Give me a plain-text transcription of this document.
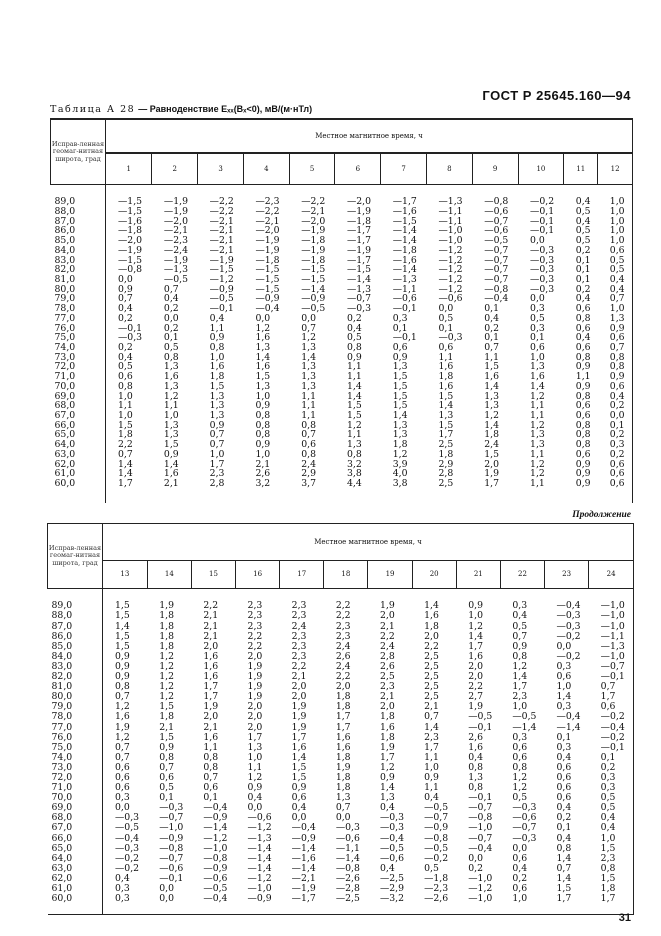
ГОСТ Р 25645.160—94
Таблица А 28 — Равноденствие Eₓₓ(Bₓ<0), мВ/(м·нТл)
Исправ-ленная геомаг-нитная широта, град	Местное магнитное время, ч											
	1	2	3	4	5	6	7	8	9	10	11	12
89,0	—1,5	—1,9	—2,2	—2,3	—2,2	—2,0	—1,7	—1,3	—0,8	—0,2	0,4	1,0
88,0	—1,5	—1,9	—2,2	—2,2	—2,1	—1,9	—1,6	—1,1	—0,6	—0,1	0,5	1,0
87,0	—1,6	—2,0	—2,1	—2,1	—2,0	—1,8	—1,5	—1,1	—0,7	—0,1	0,4	1,0
86,0	—1,8	—2,1	—2,1	—2,0	—1,9	—1,7	—1,4	—1,0	—0,6	—0,1	0,5	1,0
85,0	—2,0	—2,3	—2,1	—1,9	—1,8	—1,7	—1,4	—1,0	—0,5	0,0	0,5	1,0
84,0	—1,9	—2,4	—2,1	—1,9	—1,9	—1,9	—1,8	—1,2	—0,7	—0,3	0,2	0,6
83,0	—1,5	—1,9	—1,9	—1,8	—1,8	—1,7	—1,6	—1,2	—0,7	—0,3	0,1	0,5
82,0	—0,8	—1,3	—1,5	—1,5	—1,5	—1,5	—1,4	—1,2	—0,7	—0,3	0,1	0,5
81,0	0,0	—0,5	—1,2	—1,5	—1,5	—1,4	—1,3	—1,2	—0,7	—0,3	0,1	0,4
80,0	0,9	0,7	—0,9	—1,5	—1,4	—1,3	—1,1	—1,2	—0,8	—0,3	0,2	0,4
79,0	0,7	0,4	—0,5	—0,9	—0,9	—0,7	—0,6	—0,6	—0,4	0,0	0,4	0,7
78,0	0,4	0,2	—0,1	—0,4	—0,5	—0,3	—0,1	0,0	0,1	0,3	0,6	1,0
77,0	0,2	0,0	0,4	0,0	0,0	0,2	0,3	0,5	0,4	0,5	0,8	1,3
76,0	—0,1	0,2	1,1	1,2	0,7	0,4	0,1	0,1	0,2	0,3	0,6	0,9
75,0	—0,3	0,1	0,9	1,6	1,2	0,5	—0,1	—0,3	0,1	0,1	0,4	0,6
74,0	0,2	0,5	0,8	1,3	1,3	0,8	0,6	0,6	0,7	0,6	0,6	0,7
73,0	0,4	0,8	1,0	1,4	1,4	0,9	0,9	1,1	1,1	1,0	0,8	0,8
72,0	0,5	1,3	1,6	1,6	1,3	1,1	1,3	1,6	1,5	1,3	0,9	0,8
71,0	0,6	1,6	1,8	1,5	1,3	1,1	1,5	1,8	1,6	1,6	1,1	0,9
70,0	0,8	1,3	1,5	1,3	1,3	1,4	1,5	1,6	1,4	1,4	0,9	0,6
69,0	1,0	1,2	1,3	1,0	1,1	1,4	1,5	1,5	1,3	1,2	0,8	0,4
68,0	1,1	1,1	1,3	0,9	1,1	1,5	1,5	1,4	1,3	1,1	0,6	0,2
67,0	1,0	1,0	1,3	0,8	1,1	1,5	1,4	1,3	1,2	1,1	0,6	0,0
66,0	1,5	1,3	0,9	0,8	0,8	1,2	1,3	1,5	1,4	1,2	0,8	0,1
65,0	1,8	1,3	0,7	0,8	0,7	1,1	1,3	1,7	1,8	1,3	0,8	0,2
64,0	2,2	1,5	0,7	0,9	0,6	1,3	1,8	2,5	2,4	1,3	0,8	0,3
63,0	0,7	0,9	1,0	1,0	0,8	0,8	1,2	1,8	1,5	1,1	0,6	0,2
62,0	1,4	1,4	1,7	2,1	2,4	3,2	3,9	2,9	2,0	1,2	0,9	0,6
61,0	1,4	1,6	2,3	2,6	2,9	3,8	4,0	2,8	1,9	1,2	0,9	0,6
60,0	1,7	2,1	2,8	3,2	3,7	4,4	3,8	2,5	1,7	1,1	0,9	0,6

Продолжение
Исправ-ленная геомаг-нитная широта, град	Местное магнитное время, ч											
	13	14	15	16	17	18	19	20	21	22	23	24
89,0	1,5	1,9	2,2	2,3	2,3	2,2	1,9	1,4	0,9	0,3	—0,4	—1,0
88,0	1,5	1,8	2,1	2,3	2,3	2,2	2,0	1,6	1,0	0,4	—0,3	—1,0
87,0	1,4	1,8	2,1	2,3	2,4	2,3	2,1	1,8	1,2	0,5	—0,3	—1,0
86,0	1,5	1,8	2,1	2,2	2,3	2,3	2,2	2,0	1,4	0,7	—0,2	—1,1
85,0	1,5	1,8	2,0	2,2	2,3	2,4	2,4	2,2	1,7	0,9	0,0	—1,3
84,0	0,9	1,2	1,6	2,0	2,3	2,6	2,8	2,5	1,6	0,8	—0,2	—1,0
83,0	0,9	1,2	1,6	1,9	2,2	2,4	2,6	2,5	2,0	1,2	0,3	—0,7
82,0	0,9	1,2	1,6	1,9	2,1	2,2	2,5	2,5	2,0	1,4	0,6	—0,1
81,0	0,8	1,2	1,7	1,9	2,0	2,0	2,3	2,5	2,2	1,7	1,0	0,7
80,0	0,7	1,2	1,7	1,9	2,0	1,8	2,1	2,5	2,7	2,3	1,4	1,7
79,0	1,2	1,5	1,9	2,0	1,9	1,8	2,0	2,1	1,9	1,0	0,3	0,6
78,0	1,6	1,8	2,0	2,0	1,9	1,7	1,8	0,7	—0,5	—0,5	—0,4	—0,2
77,0	1,9	2,1	2,1	2,0	1,9	1,7	1,6	1,4	—0,1	—1,4	—1,4	—0,4
76,0	1,2	1,5	1,6	1,7	1,7	1,6	1,8	2,3	2,6	0,3	0,1	—0,2
75,0	0,7	0,9	1,1	1,3	1,6	1,6	1,9	1,7	1,6	0,6	0,3	—0,1
74,0	0,7	0,8	0,8	1,0	1,4	1,8	1,7	1,1	0,4	0,6	0,4	0,1
73,0	0,6	0,7	0,8	1,1	1,5	1,9	1,2	1,0	0,8	0,8	0,6	0,2
72,0	0,6	0,6	0,7	1,2	1,5	1,8	0,9	0,9	1,3	1,2	0,6	0,3
71,0	0,6	0,5	0,6	0,9	0,9	1,8	1,4	1,1	0,8	1,2	0,6	0,3
70,0	0,3	0,1	0,1	0,4	0,6	1,3	1,3	0,4	—0,1	0,5	0,6	0,5
69,0	0,0	—0,3	—0,4	0,0	0,4	0,7	0,4	—0,5	—0,7	—0,3	0,4	0,5
68,0	—0,3	—0,7	—0,9	—0,6	0,0	0,0	—0,3	—0,7	—0,8	—0,6	0,2	0,4
67,0	—0,5	—1,0	—1,4	—1,2	—0,4	—0,3	—0,3	—0,9	—1,0	—0,7	0,1	0,4
66,0	—0,4	—0,9	—1,2	—1,3	—0,9	—0,6	—0,4	—0,8	—0,7	—0,3	0,4	1,0
65,0	—0,3	—0,8	—1,0	—1,4	—1,4	—1,1	—0,5	—0,5	—0,4	0,0	0,8	1,5
64,0	—0,2	—0,7	—0,8	—1,4	—1,6	—1,4	—0,6	—0,2	0,0	0,6	1,4	2,3
63,0	—0,2	—0,6	—0,9	—1,4	—1,4	—0,8	0,4	0,5	0,2	0,4	0,7	0,8
62,0	0,4	—0,1	—0,6	—1,2	—2,1	—2,6	—2,5	—1,8	—1,0	0,2	1,4	1,5
61,0	0,3	0,0	—0,5	—1,0	—1,9	—2,8	—2,9	—2,3	—1,2	0,6	1,5	1,8
60,0	0,3	0,0	—0,4	—0,9	—1,7	—2,5	—3,2	—2,6	—1,0	1,0	1,7	1,7

31
